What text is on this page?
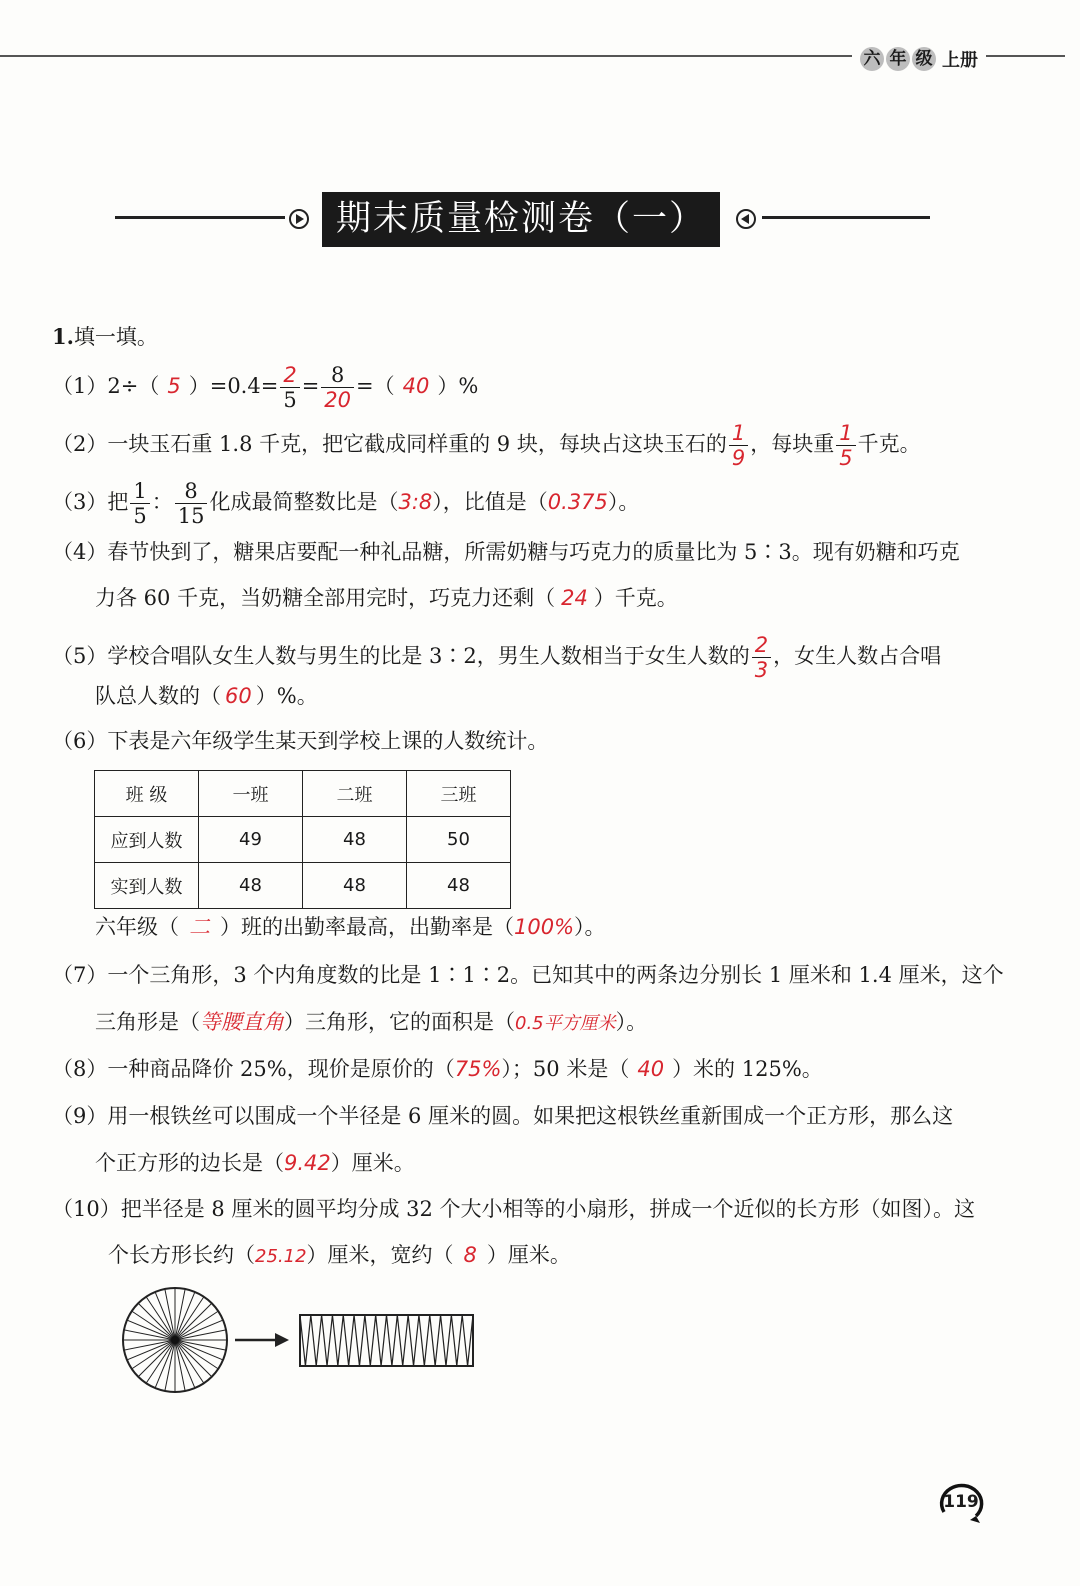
六 年 级 上册
期末质量检测卷（一）
1.填一填。
（1）2÷（ 5 ）$=0.4= \frac{2}{5} = \frac{8}{20}$ =（ 40 ）%
（2）一块玉石重 1.8 千克，把它截成同样重的 9 块，每块占这块玉石的 $\frac{1}{9}$ ，每块重 $\frac{1}{5}$ 千克。
（3）把 $\frac{1}{5}$ ： $\frac{8}{15}$ 化成最简整数比是（3:8），比值是（0.375）。
（4）春节快到了，糖果店要配一种礼品糖，所需奶糖与巧克力的质量比为 5∶3。现有奶糖和巧克
力各 60 千克，当奶糖全部用完时，巧克力还剩（ 24 ）千克。
（5）学校合唱队女生人数与男生的比是 3∶2，男生人数相当于女生人数的 $\frac{2}{3}$ ，女生人数占合唱
队总人数的（ 60 ）%。
（6）下表是六年级学生某天到学校上课的人数统计。
班 级	一班	二班	三班
应到人数	49	48	50
实到人数	48	48	48
六年级（ 二 ）班的出勤率最高，出勤率是（100%）。
（7）一个三角形，3 个内角度数的比是 1∶1∶2。已知其中的两条边分别长 1 厘米和 1.4 厘米，这个
三角形是（等腰直角）三角形，它的面积是（0.5平方厘米）。
（8）一种商品降价 25%，现价是原价的（75%）；50 米是（ 40 ）米的 125%。
（9）用一根铁丝可以围成一个半径是 6 厘米的圆。如果把这根铁丝重新围成一个正方形，那么这
个正方形的边长是（9.42）厘米。
（10）把半径是 8 厘米的圆平均分成 32 个大小相等的小扇形，拼成一个近似的长方形（如图）。这
个长方形长约（25.12）厘米，宽约（ 8 ）厘米。
119
